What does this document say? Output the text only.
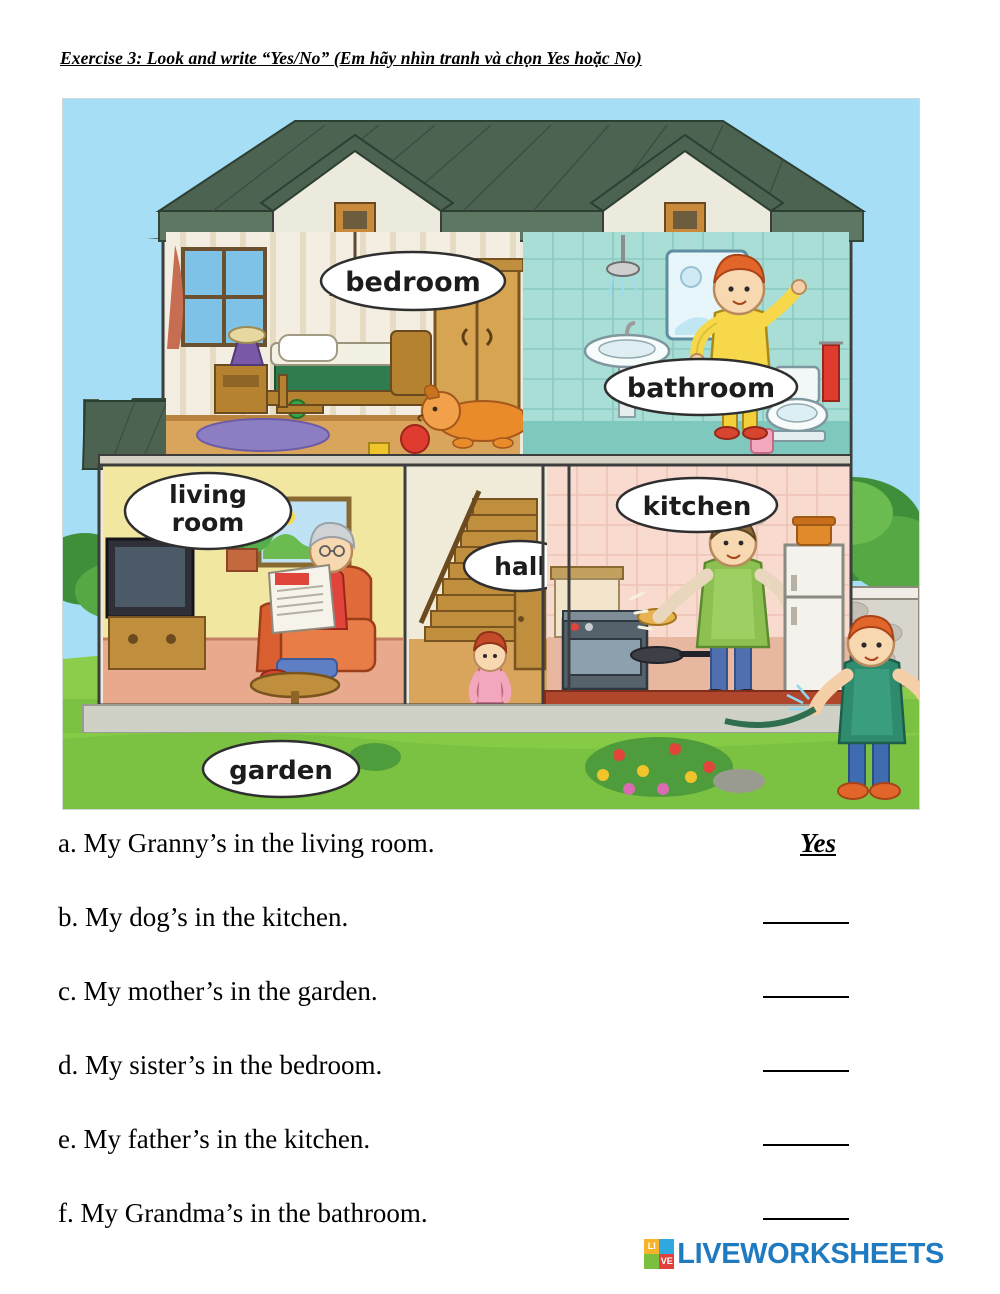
Exercise 3: Look and write “Yes/No” (Em hãy nhìn tranh và chọn Yes hoặc No)
bedroom
bathroom
living
room
hall
kitchen
garden
a. My Granny’s in the living room.	Yes
b. My dog’s in the kitchen.
c. My mother’s in the garden.
d. My sister’s in the bedroom.
e. My father’s in the kitchen.
f. My Grandma’s in the bathroom.
LI
VE LIVEWORKSHEETS
